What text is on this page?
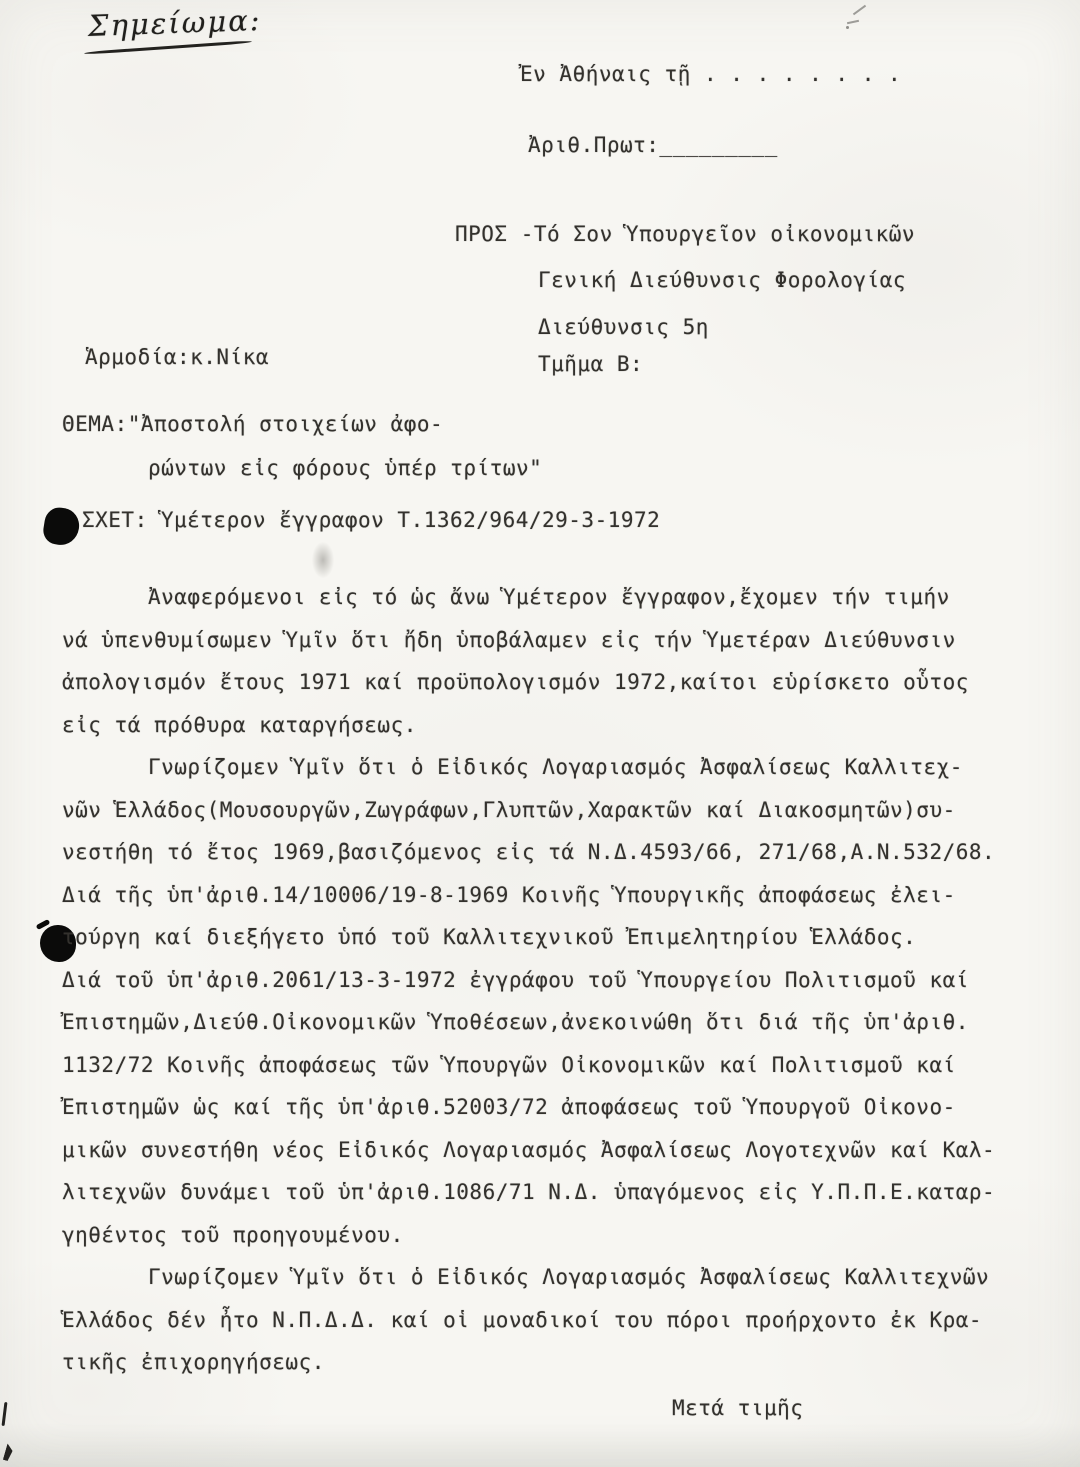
Σημείωμα:
Ἐν Ἀθήναις τῇ . . . . . . . .
Ἀριθ.Πρωτ:_________
ΠΡΟΣ -Τό Σον Ὑπουργεῖον οἰκονομικῶν
Γενική Διεύθυνσις Φορολογίας
Διεύθυνσις 5η
Τμῆμα Β:
Ἁρμοδία:κ.Νίκα
ΘΕΜΑ:"Ἀποστολή στοιχείων ἀφο-
ρώντων εἰς φόρους ὑπέρ τρίτων"
ΣΧΕΤ: Ὑμέτερον ἔγγραφον Τ.1362/964/29-3-1972
Ἀναφερόμενοι εἰς τό ὡς ἄνω Ὑμέτερον ἔγγραφον,ἔχομεν τήν τιμήν
νά ὑπενθυμίσωμεν Ὑμῖν ὅτι ἤδη ὑποβάλαμεν εἰς τήν Ὑμετέραν Διεύθυνσιν
ἀπολογισμόν ἔτους 1971 καί προϋπολογισμόν 1972,καίτοι εὑρίσκετο οὗτος
εἰς τά πρόθυρα καταργήσεως.
Γνωρίζομεν Ὑμῖν ὅτι ὁ Εἰδικός Λογαριασμός Ἀσφαλίσεως Καλλιτεχ-
νῶν Ἑλλάδος(Μουσουργῶν,Ζωγράφων,Γλυπτῶν,Χαρακτῶν καί Διακοσμητῶν)συ-
νεστήθη τό ἔτος 1969,βασιζόμενος εἰς τά Ν.Δ.4593/66, 271/68,Α.Ν.532/68.
Διά τῆς ὑπ'ἀριθ.14/10006/19-8-1969 Κοινῆς Ὑπουργικῆς ἀποφάσεως ἐλει-
τούργη καί διεξήγετο ὑπό τοῦ Καλλιτεχνικοῦ Ἐπιμελητηρίου Ἑλλάδος.
Διά τοῦ ὑπ'ἀριθ.2061/13-3-1972 ἐγγράφου τοῦ Ὑπουργείου Πολιτισμοῦ καί
Ἐπιστημῶν,Διεύθ.Οἰκονομικῶν Ὑποθέσεων,ἀνεκοινώθη ὅτι διά τῆς ὑπ'ἀριθ.
1132/72 Κοινῆς ἀποφάσεως τῶν Ὑπουργῶν Οἰκονομικῶν καί Πολιτισμοῦ καί
Ἐπιστημῶν ὡς καί τῆς ὑπ'ἀριθ.52003/72 ἀποφάσεως τοῦ Ὑπουργοῦ Οἰκονο-
μικῶν συνεστήθη νέος Εἰδικός Λογαριασμός Ἀσφαλίσεως Λογοτεχνῶν καί Καλ-
λιτεχνῶν δυνάμει τοῦ ὑπ'ἀριθ.1086/71 Ν.Δ. ὑπαγόμενος εἰς Υ.Π.Π.Ε.καταρ-
γηθέντος τοῦ προηγουμένου.
Γνωρίζομεν Ὑμῖν ὅτι ὁ Εἰδικός Λογαριασμός Ἀσφαλίσεως Καλλιτεχνῶν
Ἑλλάδος δέν ἦτο Ν.Π.Δ.Δ. καί οἱ μοναδικοί του πόροι προήρχοντο ἐκ Κρα-
τικῆς ἐπιχορηγήσεως.
Μετά τιμῆς
